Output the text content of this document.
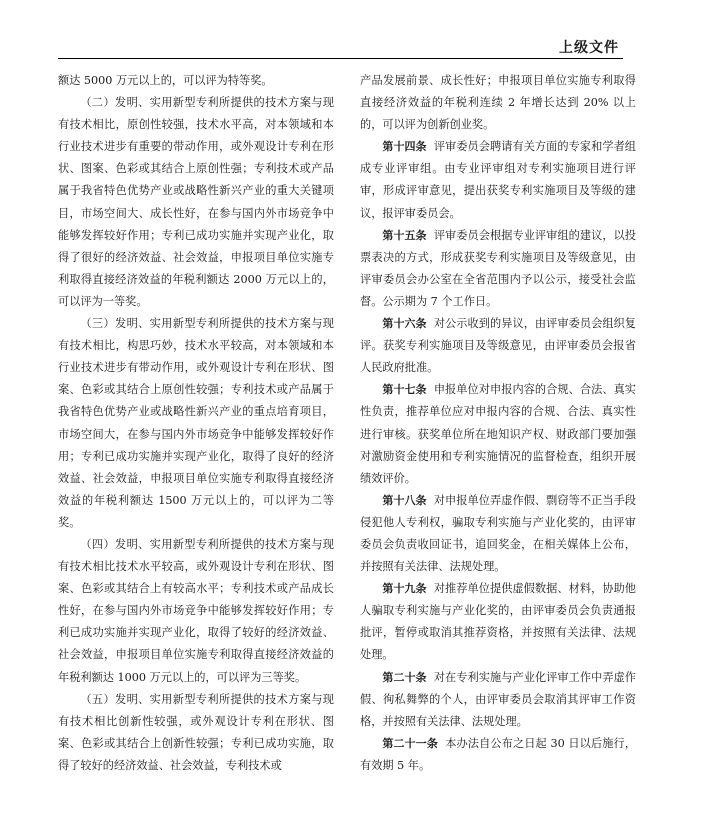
上级文件

额达 5000 万元以上的，可以评为特等奖。

（二）发明、实用新型专利所提供的技术方案与现有技术相比，原创性较强，技术水平高，对本领域和本行业技术进步有重要的带动作用，或外观设计专利在形状、图案、色彩或其结合上原创性强；专利技术或产品属于我省特色优势产业或战略性新兴产业的重大关键项目，市场空间大、成长性好，在参与国内外市场竞争中能够发挥较好作用；专利已成功实施并实现产业化，取得了很好的经济效益、社会效益，申报项目单位实施专利取得直接经济效益的年税利额达 2000 万元以上的，可以评为一等奖。

（三）发明、实用新型专利所提供的技术方案与现有技术相比，构思巧妙，技术水平较高，对本领域和本行业技术进步有带动作用，或外观设计专利在形状、图案、色彩或其结合上原创性较强；专利技术或产品属于我省特色优势产业或战略性新兴产业的重点培育项目，市场空间大，在参与国内外市场竞争中能够发挥较好作用；专利已成功实施并实现产业化，取得了良好的经济效益、社会效益，申报项目单位实施专利取得直接经济效益的年税利额达 1500 万元以上的，可以评为二等奖。

（四）发明、实用新型专利所提供的技术方案与现有技术相比技术水平较高，或外观设计专利在形状、图案、色彩或其结合上有较高水平；专利技术或产品成长性好，在参与国内外市场竞争中能够发挥较好作用；专利已成功实施并实现产业化，取得了较好的经济效益、社会效益，申报项目单位实施专利取得直接经济效益的年税利额达 1000 万元以上的，可以评为三等奖。

（五）发明、实用新型专利所提供的技术方案与现有技术相比创新性较强，或外观设计专利在形状、图案、色彩或其结合上创新性较强；专利已成功实施，取得了较好的经济效益、社会效益，专利技术或

产品发展前景、成长性好；申报项目单位实施专利取得直接经济效益的年税利连续 2 年增长达到 20% 以上的，可以评为创新创业奖。

第十四条 评审委员会聘请有关方面的专家和学者组成专业评审组。由专业评审组对专利实施项目进行评审，形成评审意见，提出获奖专利实施项目及等级的建议，报评审委员会。

第十五条 评审委员会根据专业评审组的建议，以投票表决的方式，形成获奖专利实施项目及等级意见，由评审委员会办公室在全省范围内予以公示，接受社会监督。公示期为 7 个工作日。

第十六条 对公示收到的异议，由评审委员会组织复评。获奖专利实施项目及等级意见，由评审委员会报省人民政府批准。

第十七条 申报单位对申报内容的合规、合法、真实性负责，推荐单位应对申报内容的合规、合法、真实性进行审核。获奖单位所在地知识产权、财政部门要加强对激励资金使用和专利实施情况的监督检查，组织开展绩效评价。

第十八条 对申报单位弄虚作假、剽窃等不正当手段侵犯他人专利权，骗取专利实施与产业化奖的，由评审委员会负责收回证书，追回奖金，在相关媒体上公布，并按照有关法律、法规处理。

第十九条 对推荐单位提供虚假数据、材料，协助他人骗取专利实施与产业化奖的，由评审委员会负责通报批评，暂停或取消其推荐资格，并按照有关法律、法规处理。

第二十条 对在专利实施与产业化评审工作中弄虚作假、徇私舞弊的个人，由评审委员会取消其评审工作资格，并按照有关法律、法规处理。

第二十一条 本办法自公布之日起 30 日以后施行，有效期 5 年。
